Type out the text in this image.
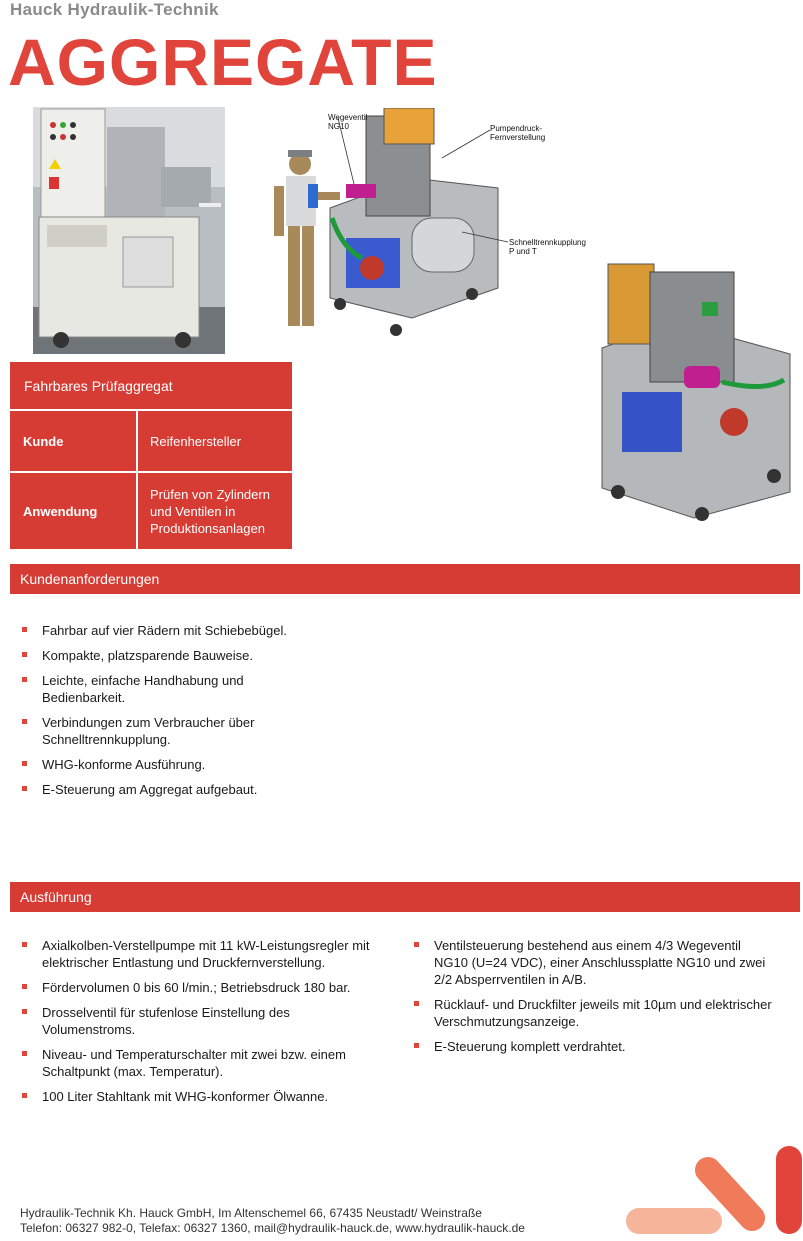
Hauck Hydraulik-Technik
AGGREGATE
Wegeventil
NG10	Pumpendruck-
Fernverstellung
Schnelltrennkupplung
P und T
Fahrbares Prüfaggregat
Kunde	Reifenhersteller
Anwendung
Prüfen von Zylindern und Ventilen in Produktionsanlagen
Kundenanforderungen
Fahrbar auf vier Rädern mit Schiebebügel.
Kompakte, platzsparende Bauweise.
Leichte, einfache Handhabung und Bedienbarkeit.
Verbindungen zum Verbraucher über Schnelltrennkupplung.
WHG-konforme Ausführung.
E-Steuerung am Aggregat aufgebaut.
Ausführung
Axialkolben-Verstellpumpe mit 11 kW-Leistungsregler mit elektrischer Entlastung und Druckfernverstellung.
Fördervolumen 0 bis 60 l/min.; Betriebsdruck 180 bar.
Drosselventil für stufenlose Einstellung des Volumenstroms.
Niveau- und Temperaturschalter mit zwei bzw. einem Schaltpunkt (max. Temperatur).
100 Liter Stahltank mit WHG-konformer Ölwanne.
Ventilsteuerung bestehend aus einem 4/3 Wegeventil NG10 (U=24 VDC), einer Anschlussplatte NG10 und zwei 2/2 Absperrventilen in A/B.
Rücklauf- und Druckfilter jeweils mit 10µm und elektrischer Verschmutzungsanzeige.
E-Steuerung komplett verdrahtet.
Hydraulik-Technik Kh. Hauck GmbH, Im Altenschemel 66, 67435 Neustadt/ Weinstraße
Telefon: 06327 982-0, Telefax: 06327 1360, mail@hydraulik-hauck.de, www.hydraulik-hauck.de
